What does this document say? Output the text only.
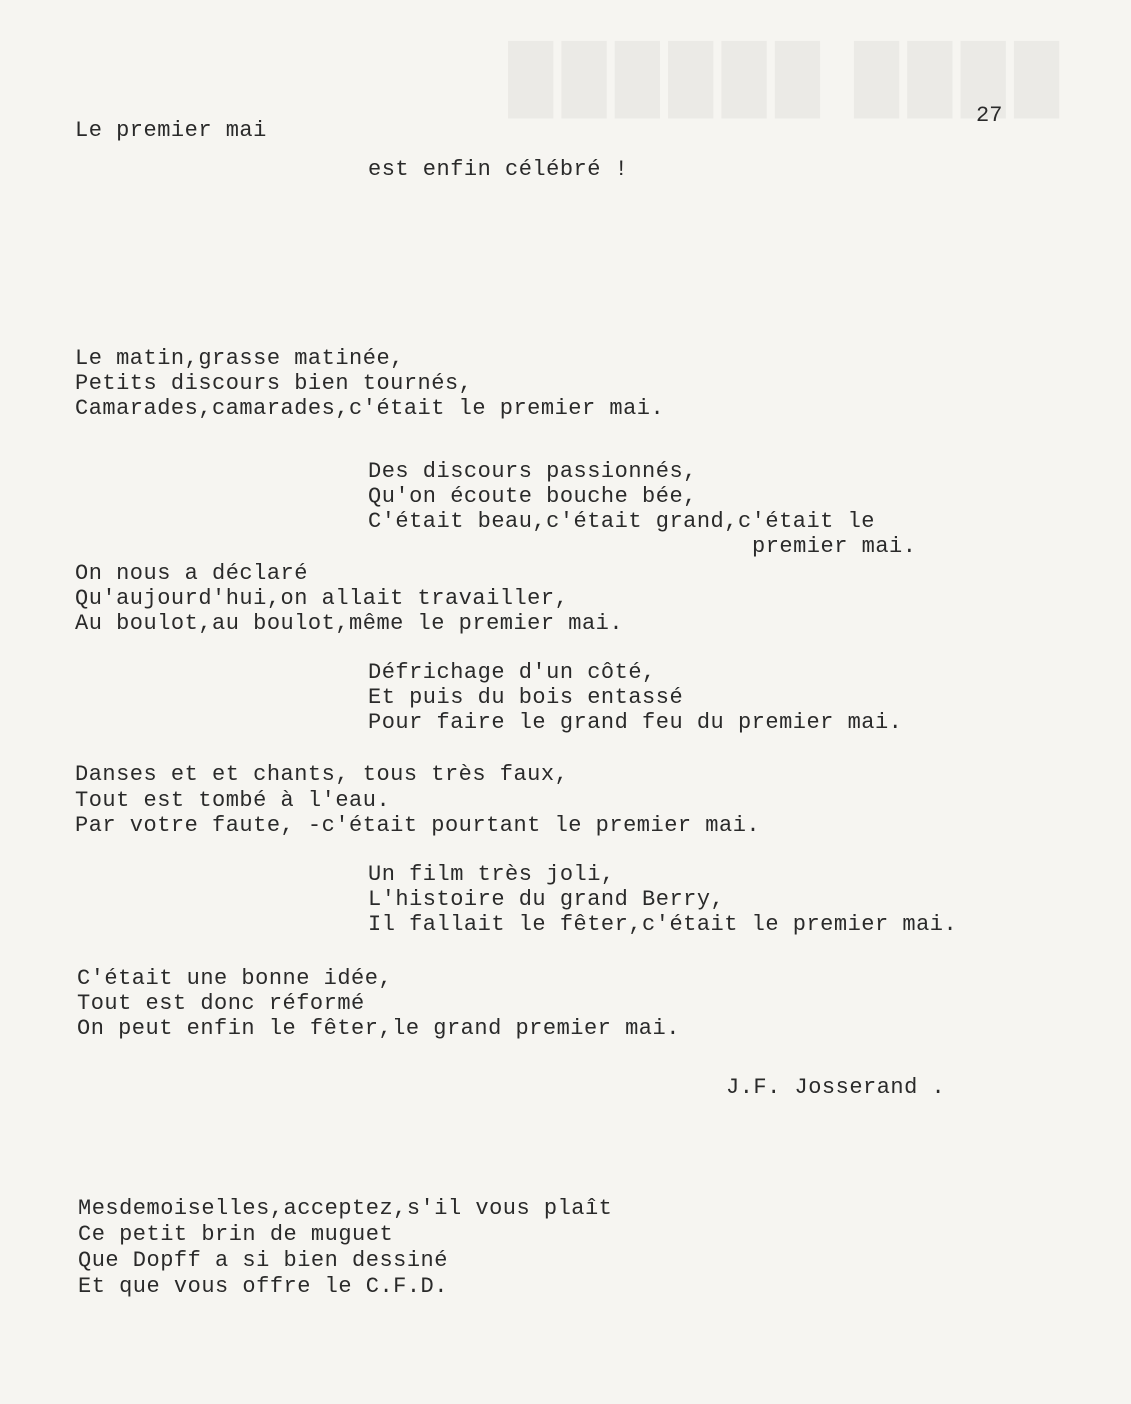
27
Le premier mai
est enfin célébré !
Le matin,grasse matinée,
Petits discours bien tournés,
Camarades,camarades,c'était le premier mai.
Des discours passionnés,
Qu'on écoute bouche bée,
C'était beau,c'était grand,c'était le
premier mai.
On nous a déclaré
Qu'aujourd'hui,on allait travailler,
Au boulot,au boulot,même le premier mai.
Défrichage d'un côté,
Et puis du bois entassé
Pour faire le grand feu du premier mai.
Danses et et chants, tous très faux,
Tout est tombé à l'eau.
Par votre faute, -c'était pourtant le premier mai.
Un film très joli,
L'histoire du grand Berry,
Il fallait le fêter,c'était le premier mai.
C'était une bonne idée,
Tout est donc réformé
On peut enfin le fêter,le grand premier mai.
J.F. Josserand .
Mesdemoiselles,acceptez,s'il vous plaît
Ce petit brin de muguet
Que Dopff a si bien dessiné
Et que vous offre le C.F.D.
